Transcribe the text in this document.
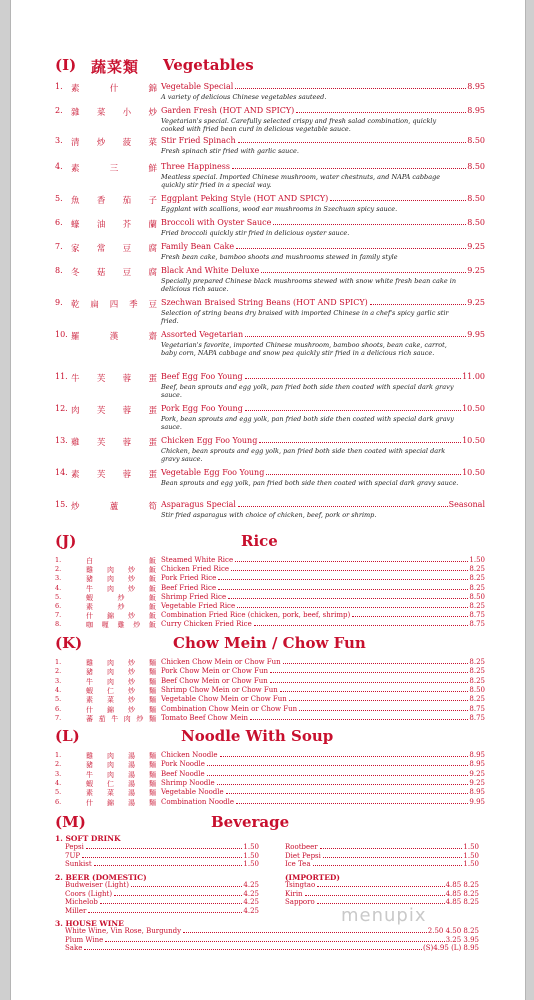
(I) 蔬菜類 Vegetables
1. 素	什	錦 Vegetable Special	8.95
A variety of delicious Chinese vegetables sauteed.
2. 雜 菜 小 炒 Garden Fresh (HOT AND SPICY)	8.95
Vegetarian's special. Carefully selected crispy and fresh salad combination, quickly cooked with fried bean curd in delicious vegetable sauce.
3. 清 炒 菠 菜 Stir Fried Spinach	8.50
Fresh spinach stir fried with garlic sauce.
4. 素	三	鮮 Three Happiness	8.50
Meatless special. Imported Chinese mushroom, water chestnuts, and NAPA cabbage quickly stir fried in a special way.
5. 魚 香 茄 子 Eggplant Peking Style (HOT AND SPICY)	8.50
Eggplant with scallions, wood ear mushrooms in Szechuan spicy sauce.
6. 蠔 油 芥 蘭 Broccoli with Oyster Sauce	8.50
Fried broccoli quickly stir fried in delicious oyster sauce.
7. 家 常 豆 腐 Family Bean Cake	9.25
Fresh bean cake, bamboo shoots and mushrooms stewed in family style
8. 冬 菇 豆 腐 Black And White Deluxe	9.25
Specially prepared Chinese black mushrooms stewed with snow white fresh bean cake in delicious rich sauce.
9. 乾 扁 四 季 豆 Szechwan Braised String Beans (HOT AND SPICY)	9.25
Selection of string beans dry braised with imported Chinese in a chef's spicy garlic stir fried.
10. 羅	漢	齋 Assorted Vegetarian	9.95
Vegetarian's favorite, imported Chinese mushroom, bamboo shoots, bean cake, carrot, baby corn, NAPA cabbage and snow pea quickly stir fried in a delicious rich sauce.
11. 牛 芙 蓉 蛋 Beef Egg Foo Young	11.00
Beef, bean sprouts and egg yolk, pan fried both side then coated with special dark gravy sauce.
12. 肉 芙 蓉 蛋 Pork Egg Foo Young	10.50
Pork, bean sprouts and egg yolk, pan fried both side then coated with special dark gravy sauce.
13. 雞 芙 蓉 蛋 Chicken Egg Foo Young	10.50
Chicken, bean sprouts and egg yolk, pan fried both side then coated with special dark gravy sauce.
14. 素 芙 蓉 蛋 Vegetable Egg Foo Young	10.50
Bean sprouts and egg yolk, pan fried both side then coated with special dark gravy sauce.
15. 炒	蘆	筍 Asparagus Special	Seasonal
Stir fried asparagus with choice of chicken, beef, pork or shrimp.
(J)	Rice
1.	白	飯 Steamed White Rice	1.50
2.	雞 肉 炒 飯 Chicken Fried Rice	8.25
3.	豬 肉 炒 飯 Pork Fried Rice	8.25
4.	牛 肉 炒 飯 Beef Fried Rice	8.25
5.	蝦	炒	飯 Shrimp Fried Rice	8.50
6.	素	炒	飯 Vegetable Fried Rice	8.25
7.	什 錦 炒 飯 Combination Fried Rice (chicken, pork, beef, shrimp)	8.75
8.	咖 喱 雞 炒 飯 Curry Chicken Fried Rice	8.75
(K)	Chow Mein / Chow Fun
1.	雞 肉 炒 麵 Chicken Chow Mein or Chow Fun	8.25
2.	豬 肉 炒 麵 Pork Chow Mein or Chow Fun	8.25
3.	牛 肉 炒 麵 Beef Chow Mein or Chow Fun	8.25
4.	蝦 仁 炒 麵 Shrimp Chow Mein or Chow Fun	8.50
5.	素 菜 炒 麵 Vegetable Chow Mein or Chow Fun	8.25
6.	什 錦 炒 麵 Combination Chow Mein or Chow Fun	8.75
7.	蕃 茄 牛 肉 炒 麵 Tomato Beef Chow Mein	8.75
(L)	Noodle With Soup
1.	雞 肉 湯 麵 Chicken Noodle	8.95
2.	豬 肉 湯 麵 Pork Noodle	8.95
3.	牛 肉 湯 麵 Beef Noodle	9.25
4.	蝦 仁 湯 麵 Shrimp Noodle	9.25
5.	素 菜 湯 麵 Vegetable Noodle	8.95
6.	什 錦 湯 麵 Combination Noodle	9.95
(M)	Beverage
1. SOFT DRINK
Pepsi	1.50
7UP	1.50
Sunkist	1.50
Rootbeer	1.50
Diet Pepsi	1.50
Ice Tea	1.50
2. BEER (DOMESTIC)
Budweiser (Light)	4.25
Coors (Light)	4.25
Michelob	4.25
Miller	4.25
(IMPORTED)
Tsingtao	4.85 8.25
Kirin	4.85 8.25
Sapporo	4.85 8.25
3. HOUSE WINE
White Wine, Vin Rose, Burgundy	2.50 4.50 8.25
Plum Wine	3.25 3.95
Sake	(S)4.95 (L) 8.95
menupix
